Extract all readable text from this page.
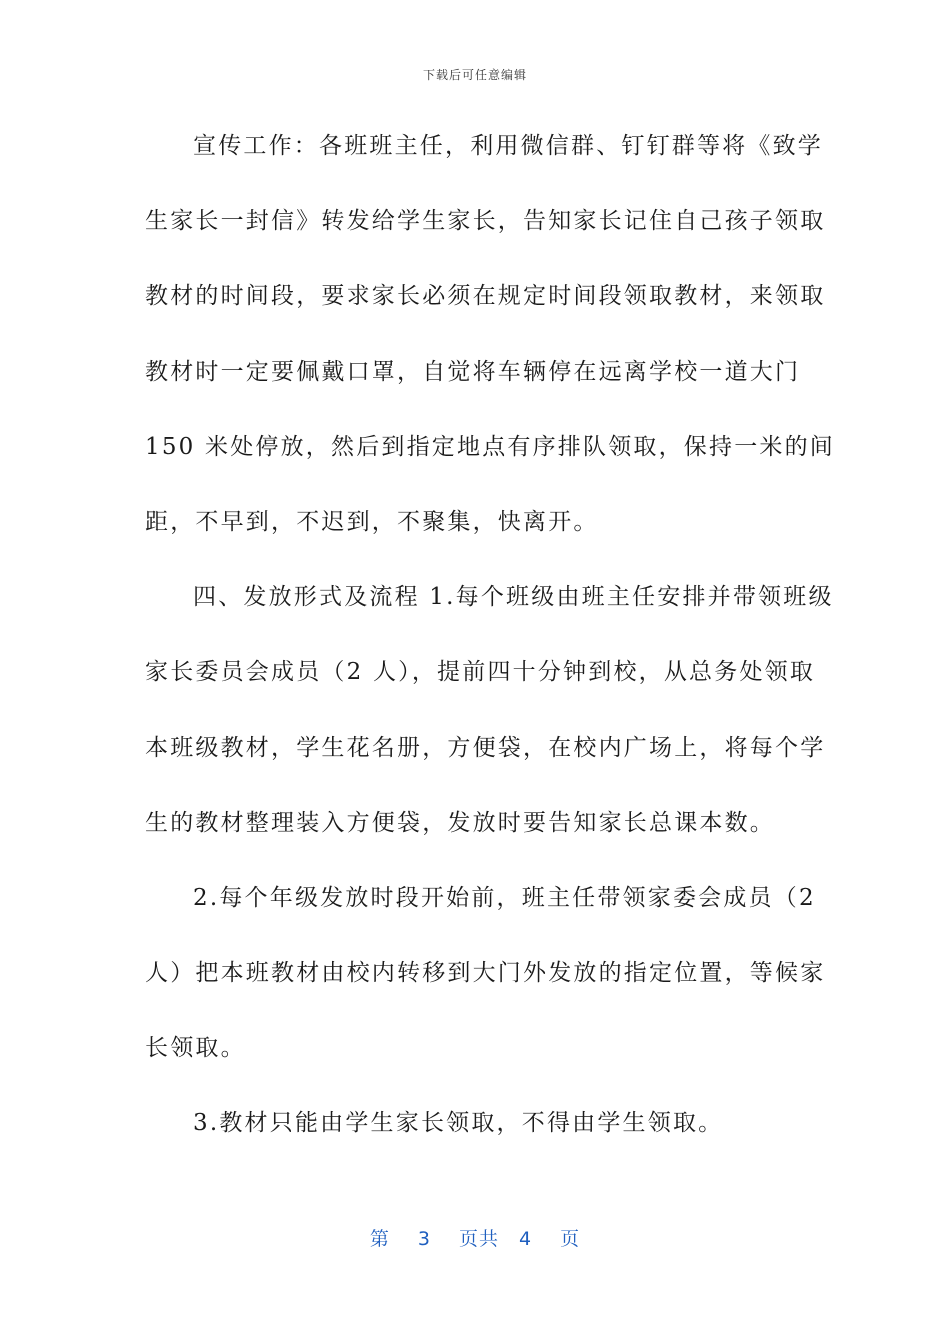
下载后可任意编辑
宣传工作：各班班主任，利用微信群、钉钉群等将《致学
生家长一封信》转发给学生家长，告知家长记住自己孩子领取
教材的时间段，要求家长必须在规定时间段领取教材，来领取
教材时一定要佩戴口罩，自觉将车辆停在远离学校一道大门
150 米处停放，然后到指定地点有序排队领取，保持一米的间
距，不早到，不迟到，不聚集，快离开。
四、发放形式及流程 1.每个班级由班主任安排并带领班级
家长委员会成员（2 人），提前四十分钟到校，从总务处领取
本班级教材，学生花名册，方便袋，在校内广场上，将每个学
生的教材整理装入方便袋，发放时要告知家长总课本数。
2.每个年级发放时段开始前，班主任带领家委会成员（2
人）把本班教材由校内转移到大门外发放的指定位置，等候家
长领取。
3.教材只能由学生家长领取，不得由学生领取。
第 3 页共 4 页
